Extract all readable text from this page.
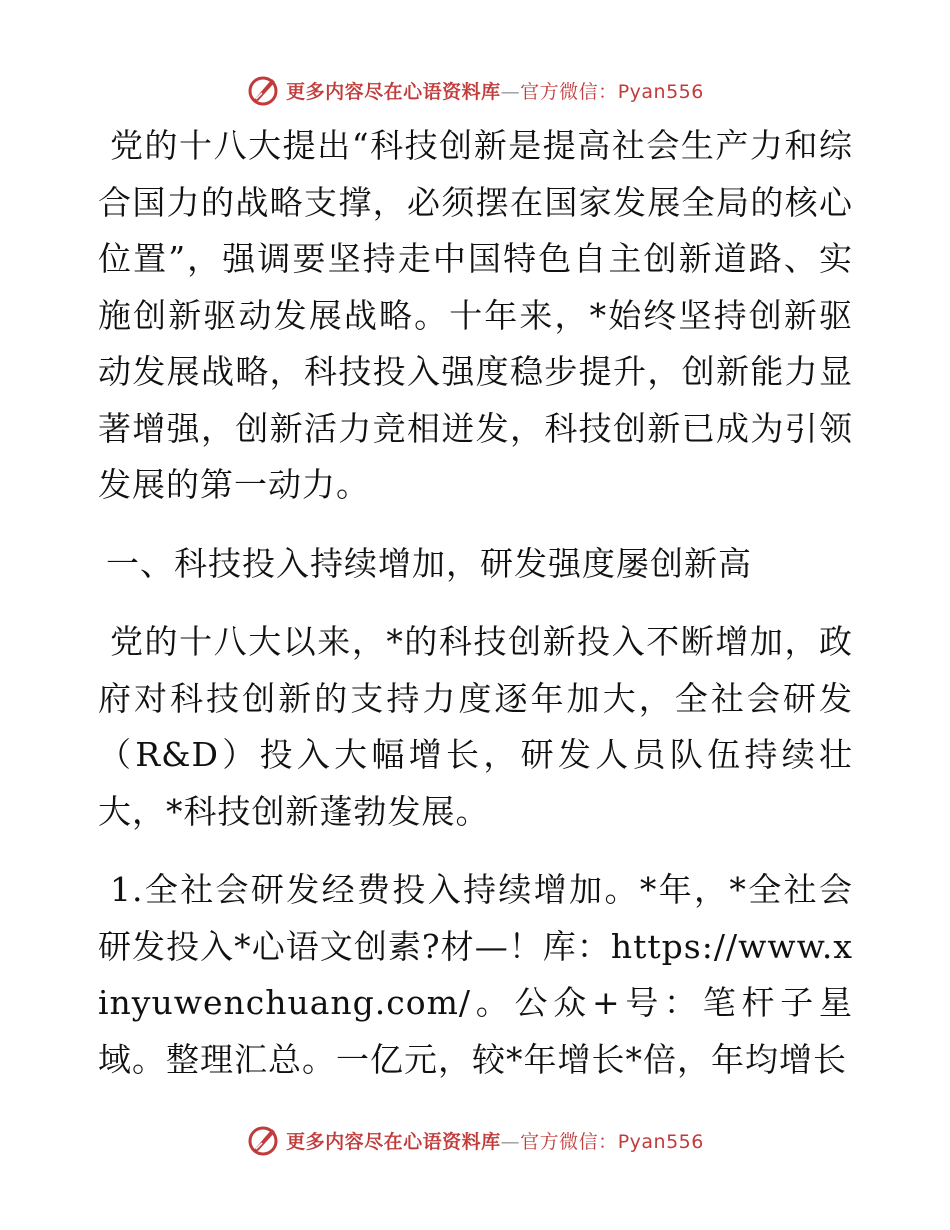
更多内容尽在心语资料库—官方微信：Pyan556

党的十八大提出“科技创新是提高社会生产力和综合国力的战略支撑，必须摆在国家发展全局的核心位置”，强调要坚持走中国特色自主创新道路、实施创新驱动发展战略。十年来，*始终坚持创新驱动发展战略，科技投入强度稳步提升，创新能力显著增强，创新活力竞相迸发，科技创新已成为引领发展的第一动力。

一、科技投入持续增加，研发强度屡创新高

党的十八大以来，*的科技创新投入不断增加，政府对科技创新的支持力度逐年加大，全社会研发（R&D）投入大幅增长，研发人员队伍持续壮大，*科技创新蓬勃发展。

1.全社会研发经费投入持续增加。*年，*全社会研发投入*心语文创素?材—！库：https://www.xinyuwenchuang.com/。公众+号：笔杆子星域。整理汇总。一亿元，较*年增长*倍，年均增长

更多内容尽在心语资料库—官方微信：Pyan556
